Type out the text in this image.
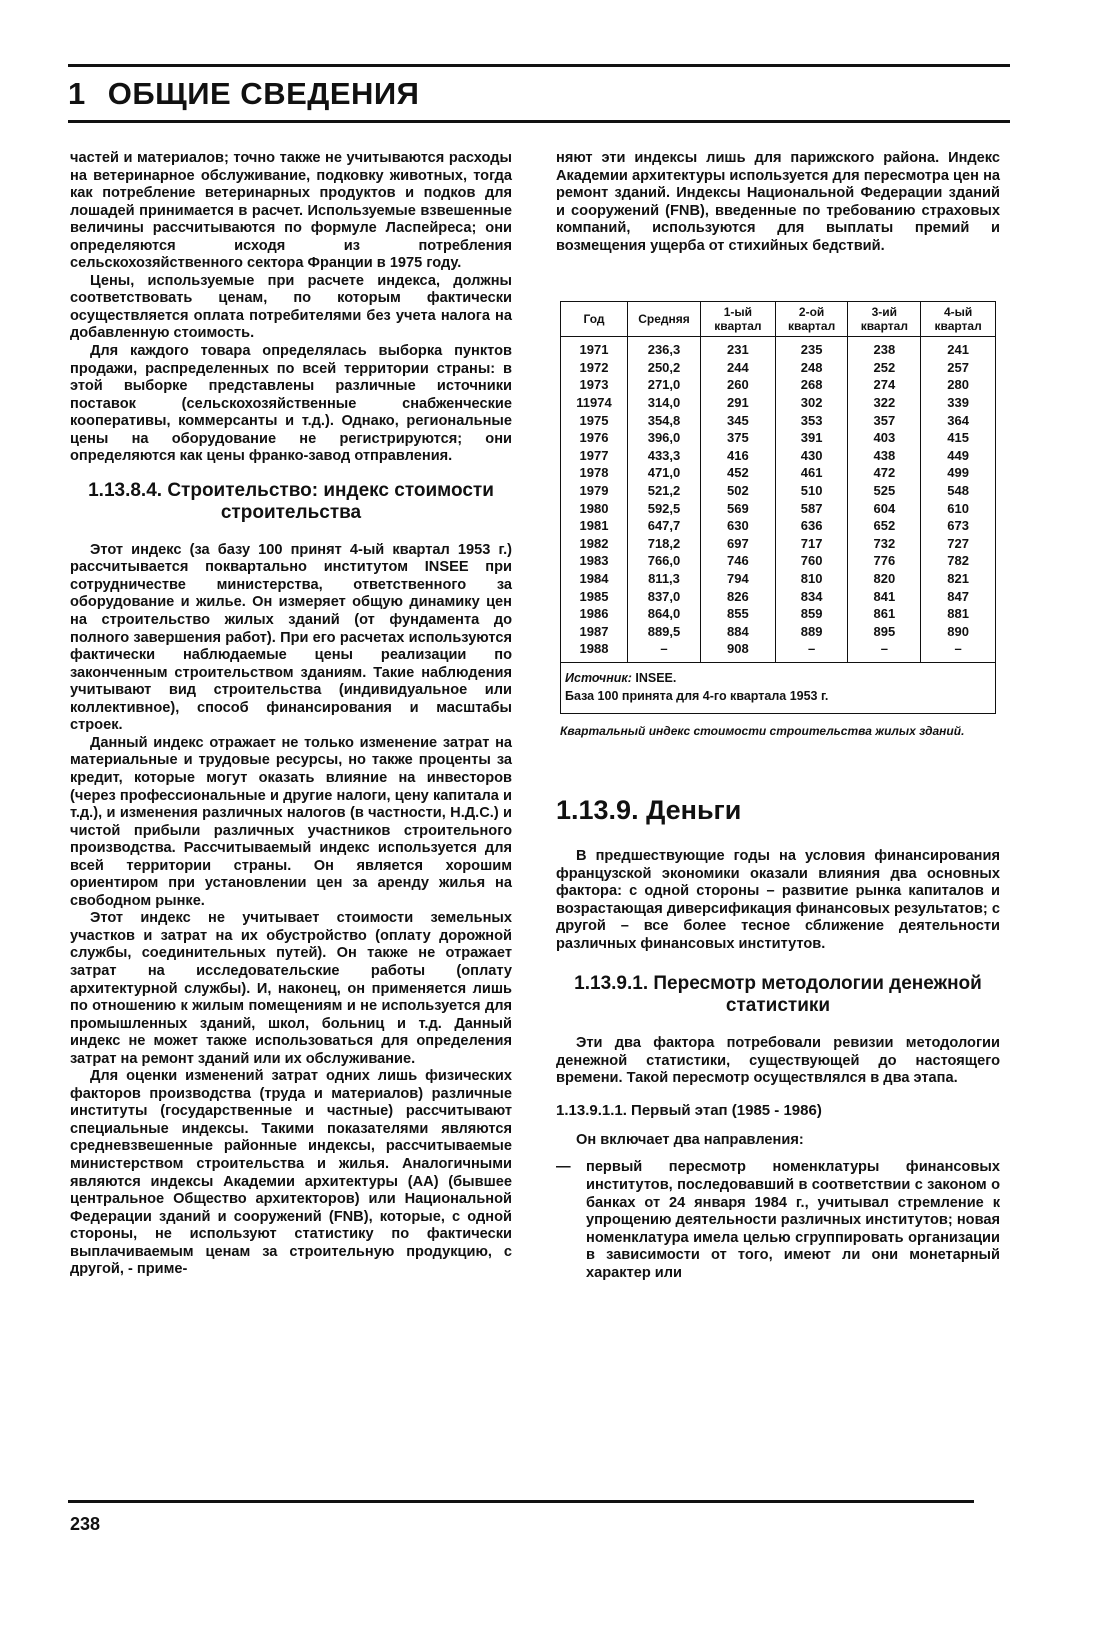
1 ОБЩИЕ СВЕДЕНИЯ

частей и материалов; точно также не учитываются расходы на ветеринарное обслуживание, подковку животных, тогда как потребление ветеринарных продуктов и подков для лошадей принимается в расчет. Используемые взвешенные величины рассчитываются по формуле Ласпейреса; они определяются исходя из потребления сельскохозяйственного сектора Франции в 1975 году.

Цены, используемые при расчете индекса, должны соответствовать ценам, по которым фактически осуществляется оплата потребителями без учета налога на добавленную стоимость.

Для каждого товара определялась выборка пунктов продажи, распределенных по всей территории страны: в этой выборке представлены различные источники поставок (сельскохозяйственные снабженческие кооперативы, коммерсанты и т.д.). Однако, региональные цены на оборудование не регистрируются; они определяются как цены франко-завод отправления.

1.13.8.4. Строительство: индекс стоимости строительства

Этот индекс (за базу 100 принят 4-ый квартал 1953 г.) рассчитывается поквартально институтом INSEE при сотрудничестве министерства, ответственного за оборудование и жилье. Он измеряет общую динамику цен на строительство жилых зданий (от фундамента до полного завершения работ). При его расчетах используются фактически наблюдаемые цены реализации по законченным строительством зданиям. Такие наблюдения учитывают вид строительства (индивидуальное или коллективное), способ финансирования и масштабы строек.

Данный индекс отражает не только изменение затрат на материальные и трудовые ресурсы, но также проценты за кредит, которые могут оказать влияние на инвесторов (через профессиональные и другие налоги, цену капитала и т.д.), и изменения различных налогов (в частности, Н.Д.С.) и чистой прибыли различных участников строительного производства. Рассчитываемый индекс используется для всей территории страны. Он является хорошим ориентиром при установлении цен за аренду жилья на свободном рынке.

Этот индекс не учитывает стоимости земельных участков и затрат на их обустройство (оплату дорожной службы, соединительных путей). Он также не отражает затрат на исследовательские работы (оплату архитектурной службы). И, наконец, он применяется лишь по отношению к жилым помещениям и не используется для промышленных зданий, школ, больниц и т.д. Данный индекс не может также использоваться для определения затрат на ремонт зданий или их обслуживание.

Для оценки изменений затрат одних лишь физических факторов производства (труда и материалов) различные институты (государственные и частные) рассчитывают специальные индексы. Такими показателями являются средневзвешенные районные индексы, рассчитываемые министерством строительства и жилья. Аналогичными являются индексы Академии архитектуры (АА) (бывшее центральное Общество архитекторов) или Национальной Федерации зданий и сооружений (FNB), которые, с одной стороны, не используют статистику по фактически выплачиваемым ценам за строительную продукцию, с другой, - приме-

няют эти индексы лишь для парижского района. Индекс Академии архитектуры используется для пересмотра цен на ремонт зданий. Индексы Национальной Федерации зданий и сооружений (FNB), введенные по требованию страховых компаний, используются для выплаты премий и возмещения ущерба от стихийных бедствий.

Год	Средняя	1-ый квартал	2-ой квартал	3-ий квартал	4-ый квартал
1971	236,3	231	235	238	241
1972	250,2	244	248	252	257
1973	271,0	260	268	274	280
11974	314,0	291	302	322	339
1975	354,8	345	353	357	364
1976	396,0	375	391	403	415
1977	433,3	416	430	438	449
1978	471,0	452	461	472	499
1979	521,2	502	510	525	548
1980	592,5	569	587	604	610
1981	647,7	630	636	652	673
1982	718,2	697	717	732	727
1983	766,0	746	760	776	782
1984	811,3	794	810	820	821
1985	837,0	826	834	841	847
1986	864,0	855	859	861	881
1987	889,5	884	889	895	890
1988	–	908	–	–	–
Источник: INSEE.
База 100 принята для 4-го квартала 1953 г.					
Квартальный индекс стоимости строительства жилых зданий.
1.13.9. Деньги

В предшествующие годы на условия финансирования французской экономики оказали влияния два основных фактора: с одной стороны – развитие рынка капиталов и возрастающая диверсификация финансовых результатов; с другой – все более тесное сближение деятельности различных финансовых институтов.

1.13.9.1. Пересмотр методологии денежной статистики

Эти два фактора потребовали ревизии методологии денежной статистики, существующей до настоящего времени. Такой пересмотр осуществлялся в два этапа.

1.13.9.1.1. Первый этап (1985 - 1986)

Он включает два направления:

—	первый пересмотр номенклатуры финансовых институтов, последовавший в соответствии с законом о банках от 24 января 1984 г., учитывал стремление к упрощению деятельности различных институтов; новая номенклатура имела целью сгруппировать организации в зависимости от того, имеют ли они монетарный характер или

238
